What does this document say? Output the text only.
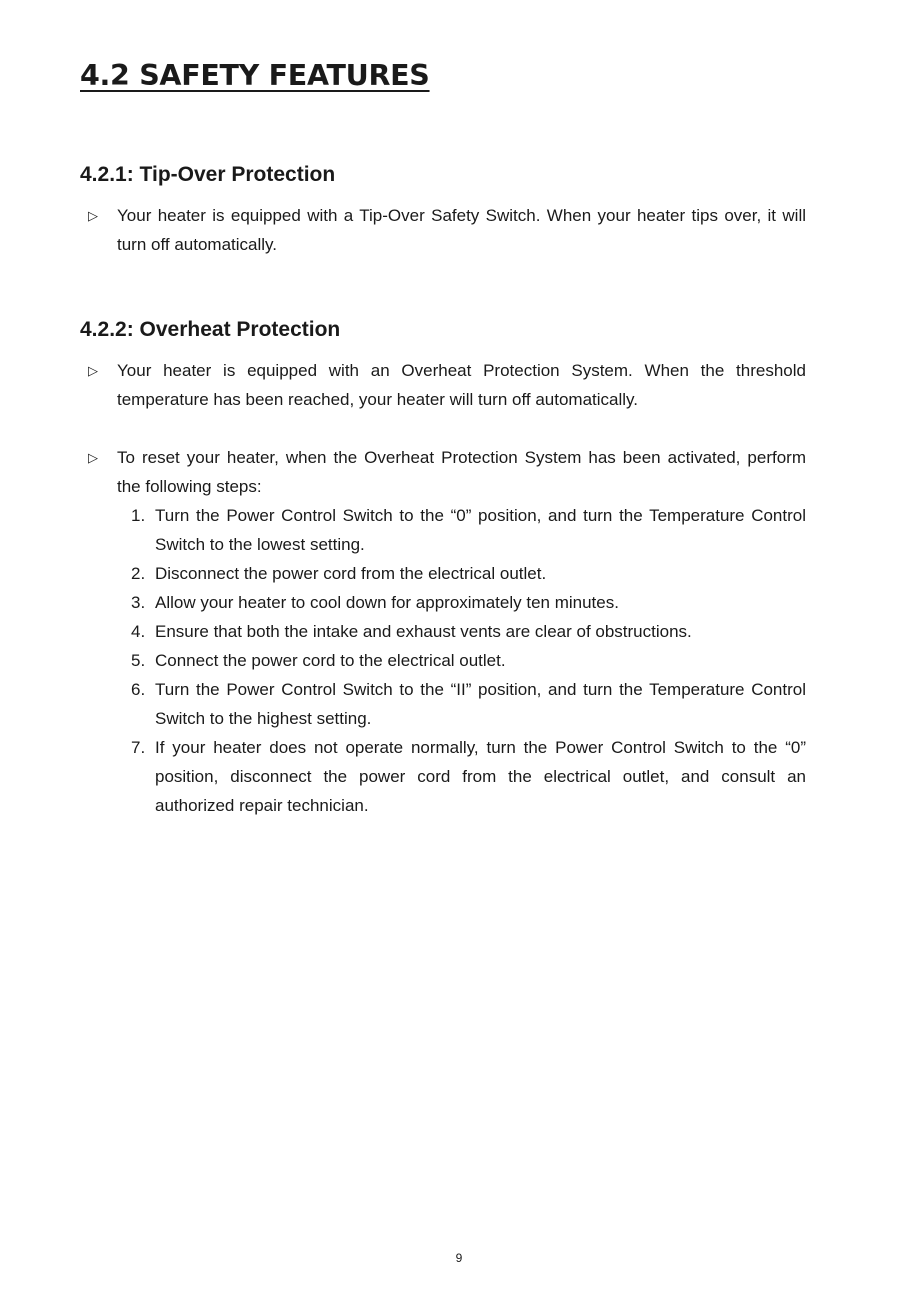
4.2 SAFETY FEATURES
4.2.1: Tip-Over Protection
▷ Your heater is equipped with a Tip-Over Safety Switch. When your heater tips over, it will turn off automatically.
4.2.2: Overheat Protection
▷ Your heater is equipped with an Overheat Protection System. When the threshold temperature has been reached, your heater will turn off automatically.
▷ To reset your heater, when the Overheat Protection System has been activated, perform the following steps:
1. Turn the Power Control Switch to the “0” position, and turn the Temperature Control Switch to the lowest setting.
2. Disconnect the power cord from the electrical outlet.
3. Allow your heater to cool down for approximately ten minutes.
4. Ensure that both the intake and exhaust vents are clear of obstructions.
5. Connect the power cord to the electrical outlet.
6. Turn the Power Control Switch to the “II” position, and turn the Temperature Control Switch to the highest setting.
7. If your heater does not operate normally, turn the Power Control Switch to the “0” position, disconnect the power cord from the electrical outlet, and consult an authorized repair technician.
9
